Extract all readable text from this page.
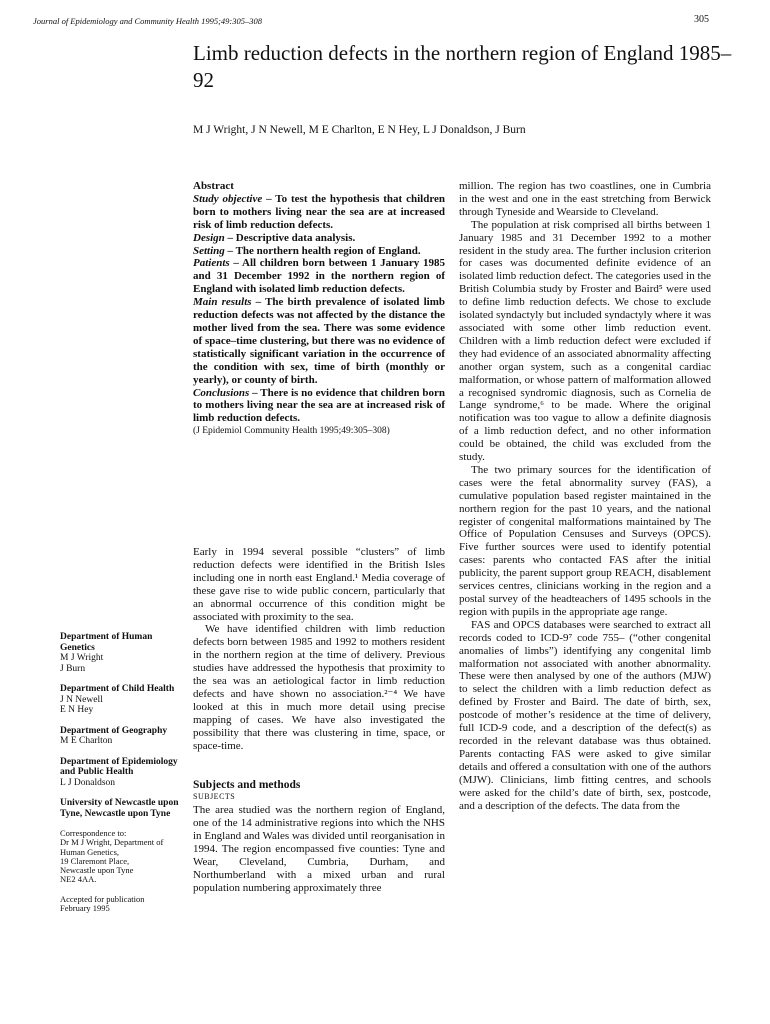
Journal of Epidemiology and Community Health 1995;49:305–308	305
Limb reduction defects in the northern region of England 1985–92
M J Wright, J N Newell, M E Charlton, E N Hey, L J Donaldson, J Burn
Department of Human Genetics
M J Wright
J Burn
Department of Child Health
J N Newell
E N Hey
Department of Geography
M E Charlton
Department of Epidemiology and Public Health
L J Donaldson
University of Newcastle upon Tyne, Newcastle upon Tyne
Correspondence to:
Dr M J Wright, Department of Human Genetics,
19 Claremont Place,
Newcastle upon Tyne
NE2 4AA.
Accepted for publication
February 1995

Abstract

Study objective – To test the hypothesis that children born to mothers living near the sea are at increased risk of limb reduction defects.

Design – Descriptive data analysis.

Setting – The northern health region of England.

Patients – All children born between 1 January 1985 and 31 December 1992 in the northern region of England with isolated limb reduction defects.

Main results – The birth prevalence of isolated limb reduction defects was not affected by the distance the mother lived from the sea. There was some evidence of space–time clustering, but there was no evidence of statistically significant variation in the occurrence of the condition with sex, time of birth (monthly or yearly), or county of birth.

Conclusions – There is no evidence that children born to mothers living near the sea are at increased risk of limb reduction defects.

(J Epidemiol Community Health 1995;49:305–308)

Early in 1994 several possible “clusters” of limb reduction defects were identified in the British Isles including one in north east England.¹ Media coverage of these gave rise to wide public concern, particularly that an abnormal occurrence of this condition might be associated with proximity to the sea.

We have identified children with limb reduction defects born between 1985 and 1992 to mothers resident in the northern region at the time of delivery. Previous studies have addressed the hypothesis that proximity to the sea was an aetiological factor in limb reduction defects and have shown no association.²⁻⁴ We have looked at this in much more detail using precise mapping of cases. We have also investigated the possibility that there was clustering in time, space, or space-time.

Subjects and methods

SUBJECTS

The area studied was the northern region of England, one of the 14 administrative regions into which the NHS in England and Wales was divided until reorganisation in 1994. The region encompassed five counties: Tyne and Wear, Cleveland, Cumbria, Durham, and Northumberland with a mixed urban and rural population numbering approximately three

million. The region has two coastlines, one in Cumbria in the west and one in the east stretching from Berwick through Tyneside and Wearside to Cleveland.

The population at risk comprised all births between 1 January 1985 and 31 December 1992 to a mother resident in the study area. The further inclusion criterion for cases was documented definite evidence of an isolated limb reduction defect. The categories used in the British Columbia study by Froster and Baird⁵ were used to define limb reduction defects. We chose to exclude isolated syndactyly but included syndactyly where it was associated with some other limb reduction event. Children with a limb reduction defect were excluded if they had evidence of an associated abnormality affecting another organ system, such as a congenital cardiac malformation, or whose pattern of malformation allowed a recognised syndromic diagnosis, such as Cornelia de Lange syndrome,⁶ to be made. Where the original notification was too vague to allow a definite diagnosis of a limb reduction defect, and no other information could be obtained, the child was excluded from the study.

The two primary sources for the identification of cases were the fetal abnormality survey (FAS), a cumulative population based register maintained in the northern region for the past 10 years, and the national register of congenital malformations maintained by The Office of Population Censuses and Surveys (OPCS). Five further sources were used to identify potential cases: parents who contacted FAS after the initial publicity, the parent support group REACH, disablement services centres, clinicians working in the region and a postal survey of the headteachers of 1495 schools in the region with pupils in the appropriate age range.

FAS and OPCS databases were searched to extract all records coded to ICD-9⁷ code 755– (“other congenital anomalies of limbs”) identifying any congenital limb malformation not associated with another abnormality. These were then analysed by one of the authors (MJW) to select the children with a limb reduction defect as defined by Froster and Baird. The date of birth, sex, postcode of mother’s residence at the time of delivery, full ICD-9 code, and a description of the defect(s) as recorded in the relevant database was thus obtained. Parents contacting FAS were asked to give similar details and offered a consultation with one of the authors (MJW). Clinicians, limb fitting centres, and schools were asked for the child’s date of birth, sex, postcode, and a description of the defects. The data from the
